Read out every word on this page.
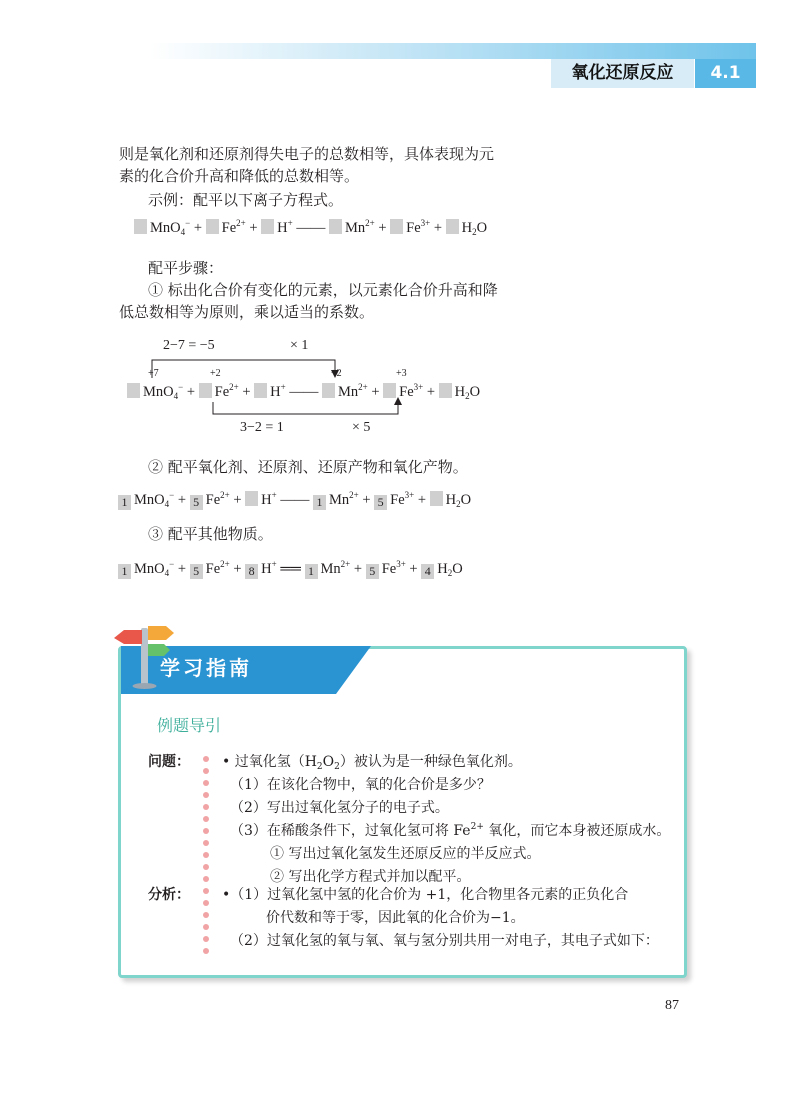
氧化还原反应	4.1
则是氧化剂和还原剂得失电子的总数相等，具体表现为元
素的化合价升高和降低的总数相等。
示例：配平以下离子方程式。
$MnO_4^- + Fe^{2+} + H^+$ —— $Mn^{2+} + Fe^{3+} + H_2O$
配平步骤：
① 标出化合价有变化的元素，以元素化合价升高和降
低总数相等为原则，乘以适当的系数。
2−7 = −5	× 1
+7	+2	+2	+3
$MnO_4^- + Fe^{2+} + H^+$ —— $Mn^{2+} + Fe^{3+} + H_2O$
3−2 = 1	× 5
② 配平氧化剂、还原剂、还原产物和氧化产物。
1 MnO$_4$− + 5 $Fe^{2+} + H^+$ —— 1 $Mn^{2+} + 5$ $Fe^{3+} + H_2O$
③ 配平其他物质。
1 MnO$_4$− + 5 $Fe^{2+} + 8$ H+ ══ 1 $Mn^{2+} + 5$ $Fe^{3+} + 4$ $H_2O$
学习指南
例题导引
问题：
分析：
• 过氧化氢$(H_2O_2)$被认为是一种绿色氧化剂。
（1）在该化合物中，氧的化合价是多少？
（2）写出过氧化氢分子的电子式。
（3）在稀酸条件下，过氧化氢可将 $Fe^{2+}$ 氧化，而它本身被还原成水。
① 写出过氧化氢发生还原反应的半反应式。
② 写出化学方程式并加以配平。
•（1）过氧化氢中氢的化合价为 +1，化合物里各元素的正负化合
价代数和等于零，因此氧的化合价为−1。
（2）过氧化氢的氧与氧、氧与氢分别共用一对电子，其电子式如下：
87
